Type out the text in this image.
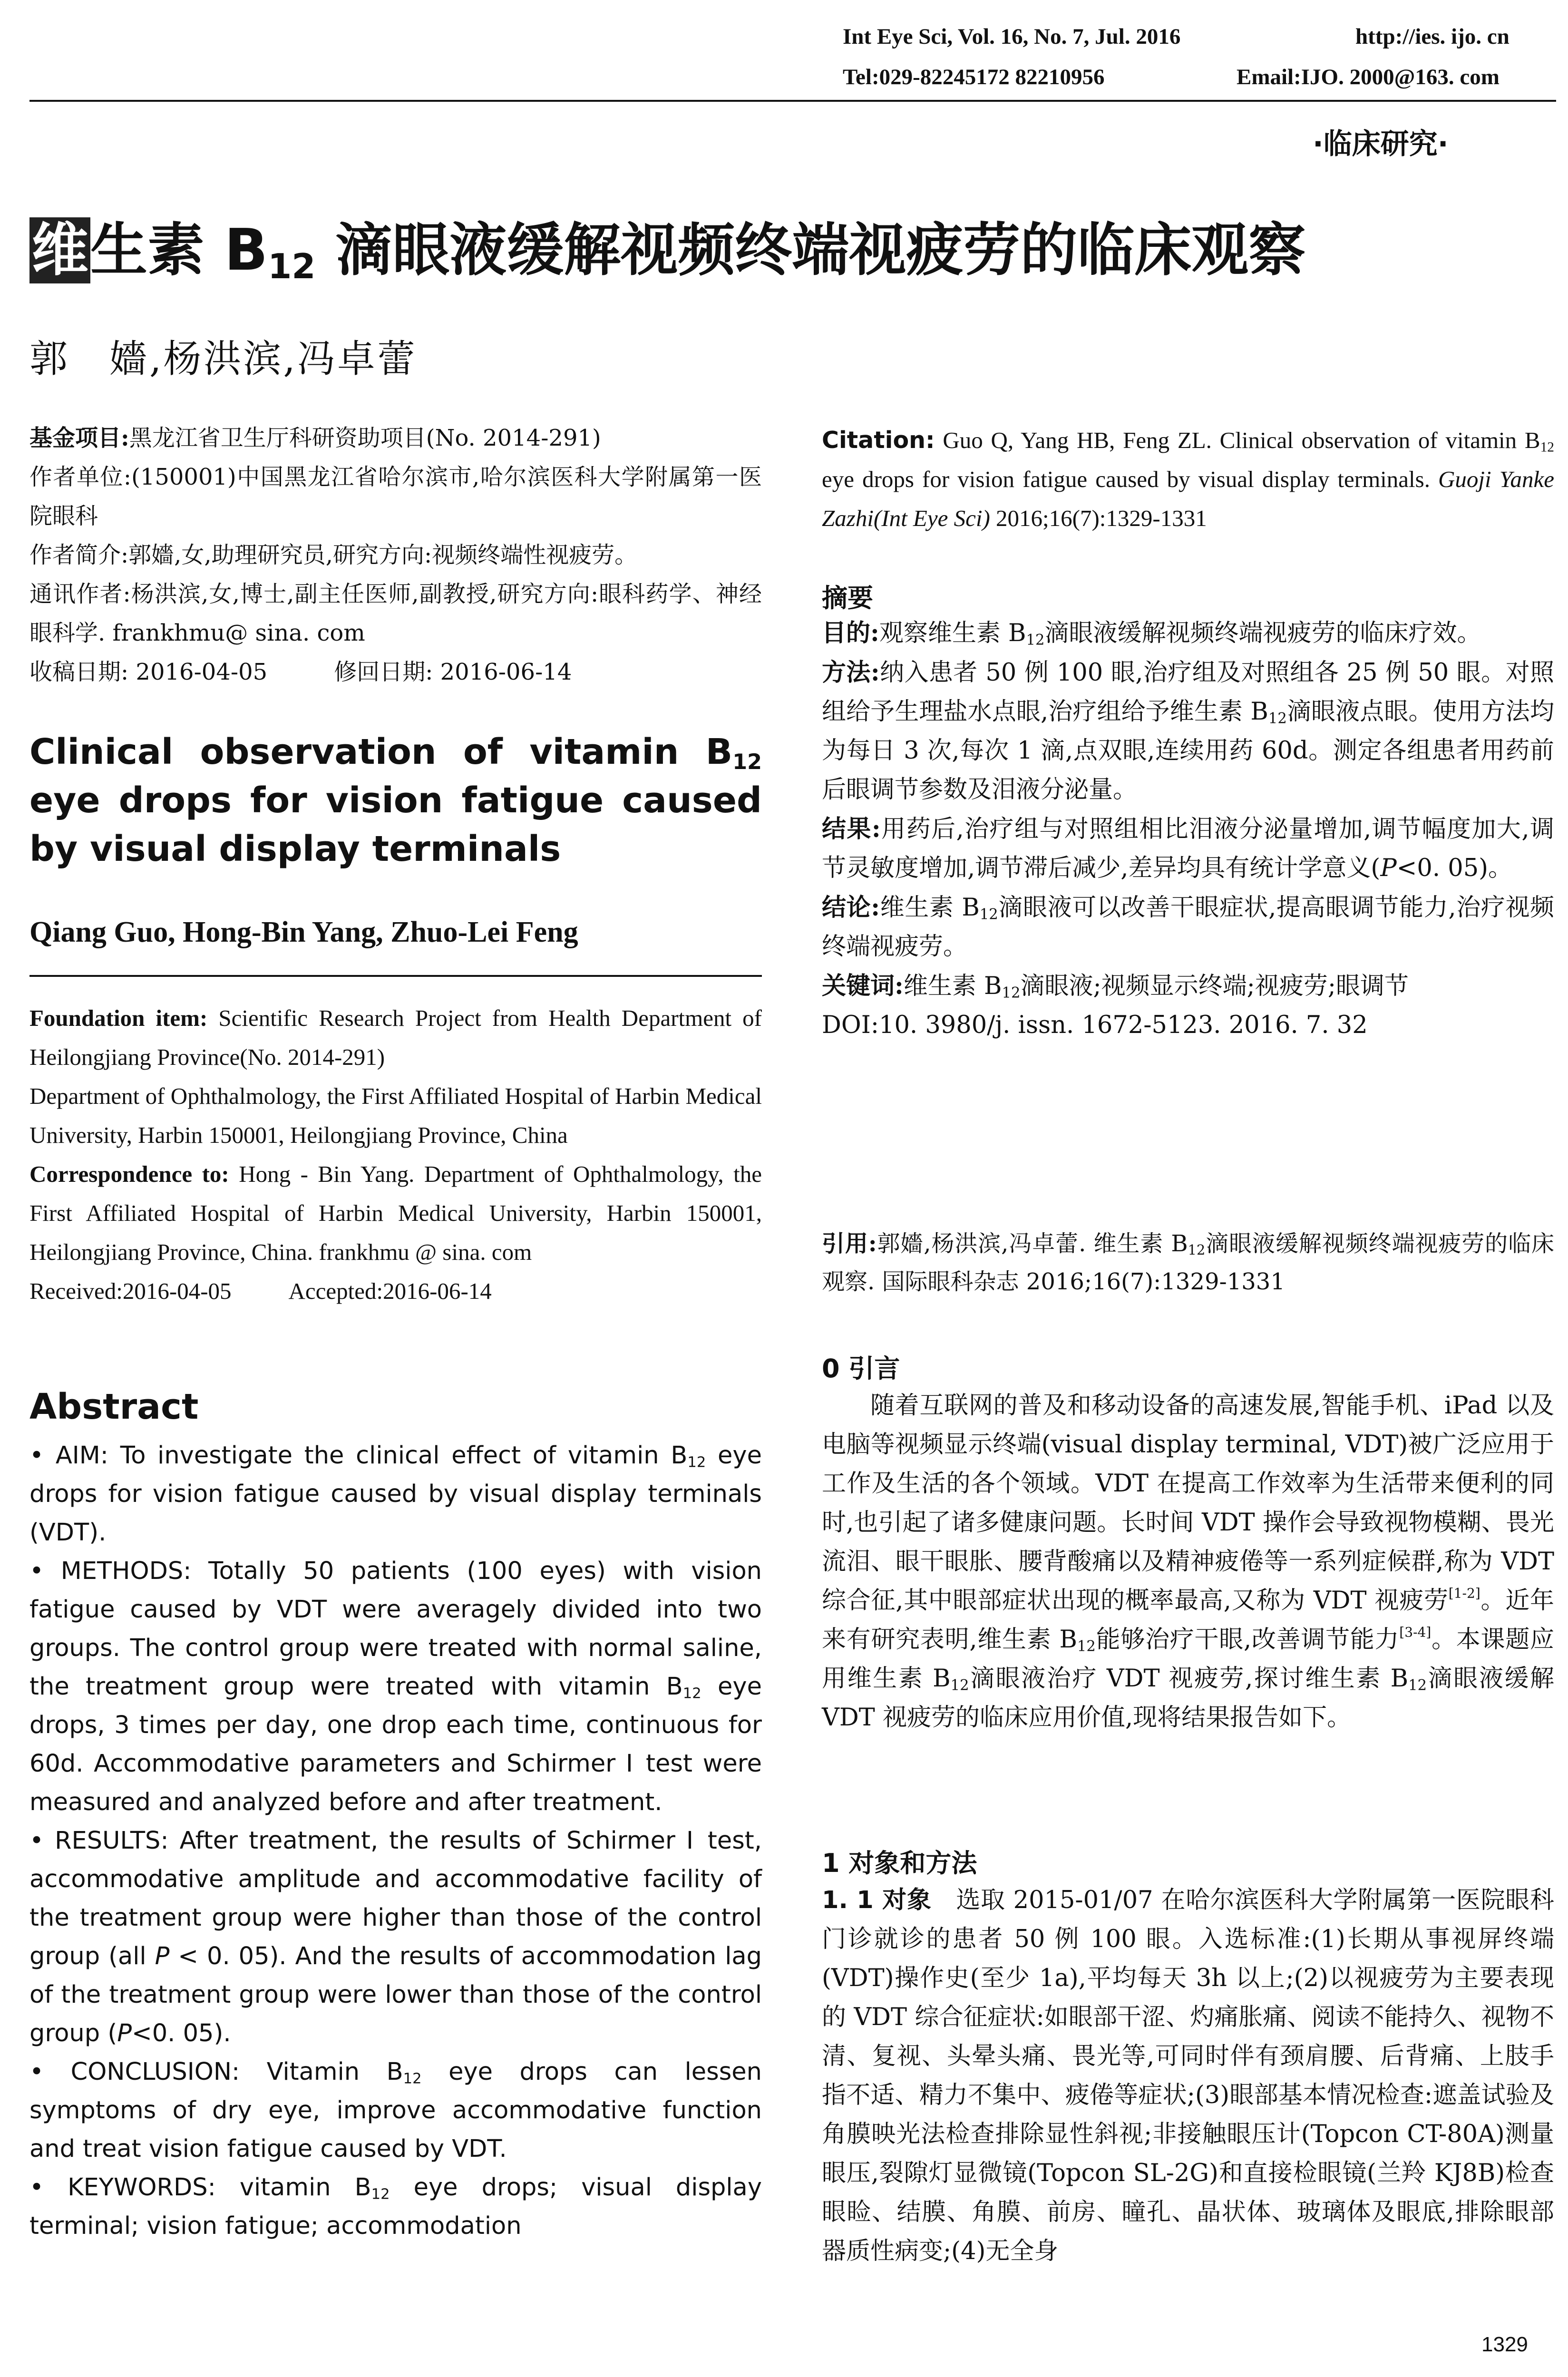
Int Eye Sci, Vol. 16, No. 7, Jul. 2016	http://ies. ijo. cn
Tel:029-82245172 82210956	Email:IJO. 2000@163. com
·临床研究·
维生素 $B_{12}$ 滴眼液缓解视频终端视疲劳的临床观察
郭　嬙,杨洪滨,冯卓蕾
基金项目:黑龙江省卫生厅科研资助项目(No. 2014-291)
作者单位:(150001)中国黑龙江省哈尔滨市,哈尔滨医科大学附属第一医院眼科
作者简介:郭嬙,女,助理研究员,研究方向:视频终端性视疲劳。
通讯作者:杨洪滨,女,博士,副主任医师,副教授,研究方向:眼科药学、神经眼科学. frankhmu@ sina. com
收稿日期: 2016-04-05	修回日期: 2016-06-14
Clinical observation of vitamin $B_{12}$ eye drops for vision fatigue caused by visual display terminals
Qiang Guo, Hong-Bin Yang, Zhuo-Lei Feng
Foundation item: Scientific Research Project from Health Department of Heilongjiang Province(No. 2014-291)
Department of Ophthalmology, the First Affiliated Hospital of Harbin Medical University, Harbin 150001, Heilongjiang Province, China
Correspondence to: Hong - Bin Yang. Department of Ophthalmology, the First Affiliated Hospital of Harbin Medical University, Harbin 150001, Heilongjiang Province, China. frankhmu @ sina. com
Received:2016-04-05 Accepted:2016-06-14
Abstract

• AIM: To investigate the clinical effect of vitamin $B_{12}$ eye drops for vision fatigue caused by visual display terminals (VDT).

• METHODS: Totally 50 patients (100 eyes) with vision fatigue caused by VDT were averagely divided into two groups. The control group were treated with normal saline, the treatment group were treated with vitamin $B_{12}$ eye drops, 3 times per day, one drop each time, continuous for 60d. Accommodative parameters and Schirmer Ⅰ test were measured and analyzed before and after treatment.

• RESULTS: After treatment, the results of Schirmer Ⅰ test, accommodative amplitude and accommodative facility of the treatment group were higher than those of the control group (all P < 0. 05). And the results of accommodation lag of the treatment group were lower than those of the control group (P<0. 05).

• CONCLUSION: Vitamin $B_{12}$ eye drops can lessen symptoms of dry eye, improve accommodative function and treat vision fatigue caused by VDT.

• KEYWORDS: vitamin $B_{12}$ eye drops; visual display terminal; vision fatigue; accommodation

Citation: Guo Q, Yang HB, Feng ZL. Clinical observation of vitamin $B_{12}$ eye drops for vision fatigue caused by visual display terminals. Guoji Yanke Zazhi(Int Eye Sci) 2016;16(7):1329-1331
摘要

目的:观察维生素 $B_{12}$滴眼液缓解视频终端视疲劳的临床疗效。

方法:纳入患者 50 例 100 眼,治疗组及对照组各 25 例 50 眼。对照组给予生理盐水点眼,治疗组给予维生素 $B_{12}$滴眼液点眼。使用方法均为每日 3 次,每次 1 滴,点双眼,连续用药 60d。测定各组患者用药前后眼调节参数及泪液分泌量。

结果:用药后,治疗组与对照组相比泪液分泌量增加,调节幅度加大,调节灵敏度增加,调节滞后减少,差异均具有统计学意义(P<0. 05)。

结论:维生素 $B_{12}$滴眼液可以改善干眼症状,提高眼调节能力,治疗视频终端视疲劳。

关键词:维生素 $B_{12}$滴眼液;视频显示终端;视疲劳;眼调节

DOI:10. 3980/j. issn. 1672-5123. 2016. 7. 32

引用:郭嬙,杨洪滨,冯卓蕾. 维生素 $B_{12}$滴眼液缓解视频终端视疲劳的临床观察. 国际眼科杂志 2016;16(7):1329-1331
0 引言

随着互联网的普及和移动设备的高速发展,智能手机、iPad 以及电脑等视频显示终端(visual display terminal, VDT)被广泛应用于工作及生活的各个领域。VDT 在提高工作效率为生活带来便利的同时,也引起了诸多健康问题。长时间 VDT 操作会导致视物模糊、畏光流泪、眼干眼胀、腰背酸痛以及精神疲倦等一系列症候群,称为 VDT 综合征,其中眼部症状出现的概率最高,又称为 VDT 视疲劳[1-2]。近年来有研究表明,维生素 $B_{12}$能够治疗干眼,改善调节能力[3-4]。本课题应用维生素 $B_{12}$滴眼液治疗 VDT 视疲劳,探讨维生素 $B_{12}$滴眼液缓解 VDT 视疲劳的临床应用价值,现将结果报告如下。

1 对象和方法

1. 1 对象　选取 2015-01/07 在哈尔滨医科大学附属第一医院眼科门诊就诊的患者 50 例 100 眼。入选标准:(1)长期从事视屏终端(VDT)操作史(至少 1a),平均每天 3h 以上;(2)以视疲劳为主要表现的 VDT 综合征症状:如眼部干涩、灼痛胀痛、阅读不能持久、视物不清、复视、头晕头痛、畏光等,可同时伴有颈肩腰、后背痛、上肢手指不适、精力不集中、疲倦等症状;(3)眼部基本情况检查:遮盖试验及角膜映光法检查排除显性斜视;非接触眼压计(Topcon CT-80A)测量眼压,裂隙灯显微镜(Topcon SL-2G)和直接检眼镜(兰羚 KJ8B)检查眼睑、结膜、角膜、前房、瞳孔、晶状体、玻璃体及眼底,排除眼部器质性病变;(4)无全身

1329
